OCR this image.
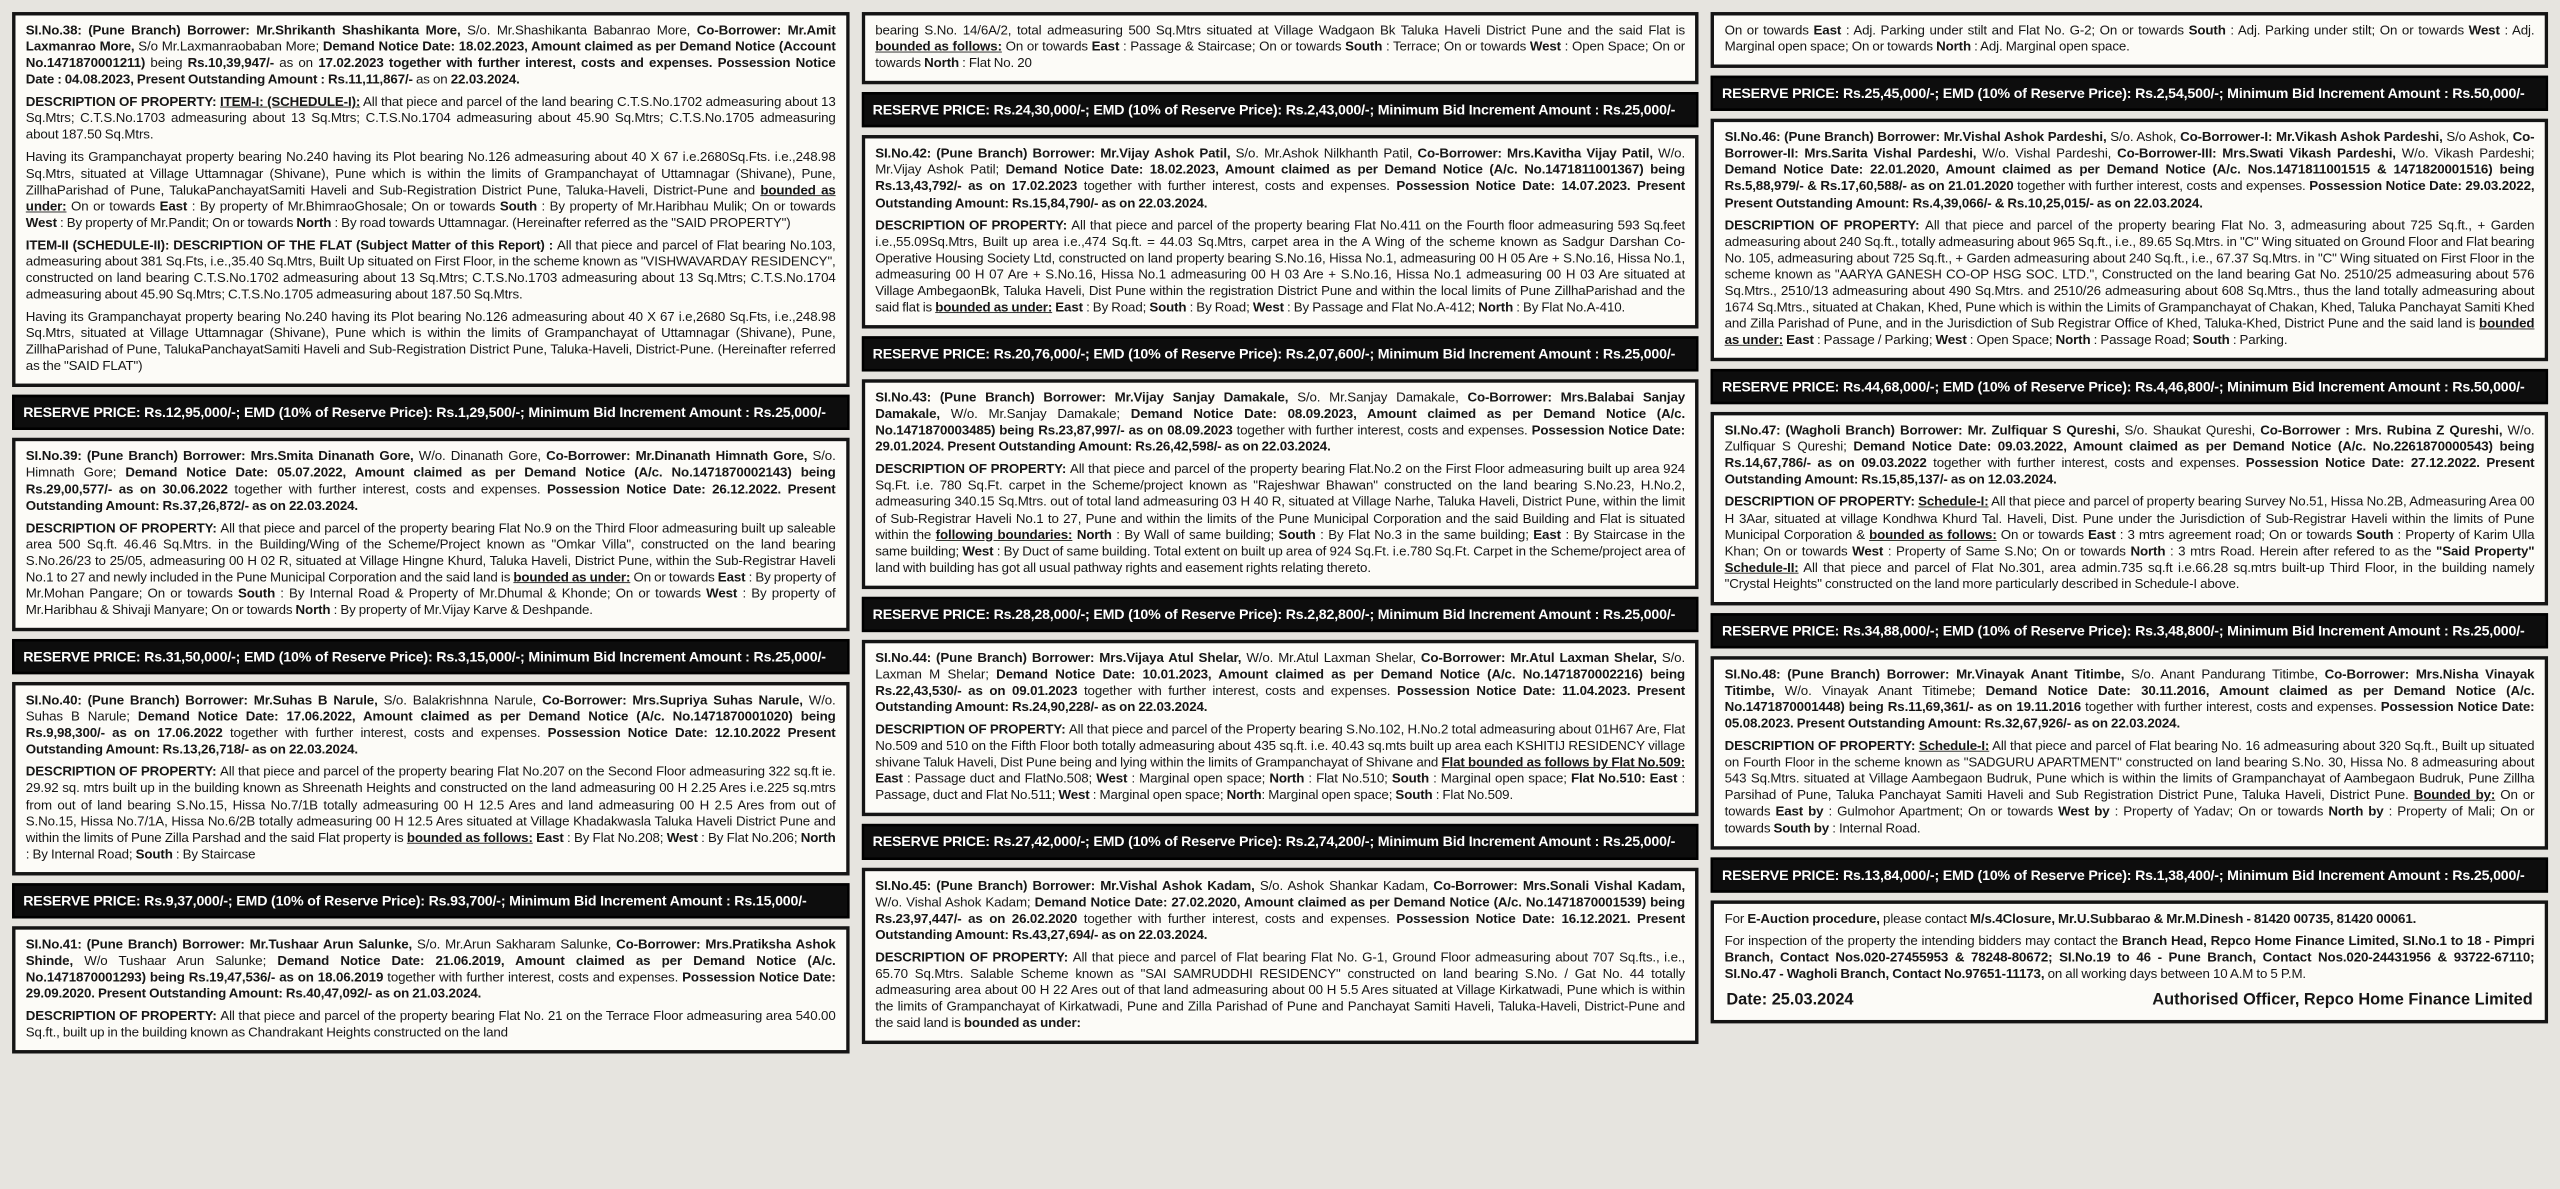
SI.No.38: (Pune Branch) Borrower: Mr.Shrikanth Shashikanta More, S/o. Mr.Shashikanta Babanrao More, Co-Borrower: Mr.Amit Laxmanrao More, S/o Mr.Laxmanraobaban More; Demand Notice Date: 18.02.2023, Amount claimed as per Demand Notice (Account No.1471870001211) being Rs.10,39,947/- as on 17.02.2023 together with further interest, costs and expenses. Possession Notice Date : 04.08.2023, Present Outstanding Amount : Rs.11,11,867/- as on 22.03.2024.

DESCRIPTION OF PROPERTY: ITEM-I: (SCHEDULE-I): All that piece and parcel of the land bearing C.T.S.No.1702 admeasuring about 13 Sq.Mtrs; C.T.S.No.1703 admeasuring about 13 Sq.Mtrs; C.T.S.No.1704 admeasuring about 45.90 Sq.Mtrs; C.T.S.No.1705 admeasuring about 187.50 Sq.Mtrs.

Having its Grampanchayat property bearing No.240 having its Plot bearing No.126 admeasuring about 40 X 67 i.e.2680Sq.Fts. i.e.,248.98 Sq.Mtrs, situated at Village Uttamnagar (Shivane), Pune which is within the limits of Grampanchayat of Uttamnagar (Shivane), Pune, ZillhaParishad of Pune, TalukaPanchayatSamiti Haveli and Sub-Registration District Pune, Taluka-Haveli, District-Pune and bounded as under: On or towards East : By property of Mr.BhimraoGhosale; On or towards South : By property of Mr.Haribhau Mulik; On or towards West : By property of Mr.Pandit; On or towards North : By road towards Uttamnagar. (Hereinafter referred as the "SAID PROPERTY")

ITEM-II (SCHEDULE-II): DESCRIPTION OF THE FLAT (Subject Matter of this Report) : All that piece and parcel of Flat bearing No.103, admeasuring about 381 Sq.Fts, i.e.,35.40 Sq.Mtrs, Built Up situated on First Floor, in the scheme known as "VISHWAVARDAY RESIDENCY", constructed on land bearing C.T.S.No.1702 admeasuring about 13 Sq.Mtrs; C.T.S.No.1703 admeasuring about 13 Sq.Mtrs; C.T.S.No.1704 admeasuring about 45.90 Sq.Mtrs; C.T.S.No.1705 admeasuring about 187.50 Sq.Mtrs.

Having its Grampanchayat property bearing No.240 having its Plot bearing No.126 admeasuring about 40 X 67 i.e,2680 Sq.Fts, i.e.,248.98 Sq.Mtrs, situated at Village Uttamnagar (Shivane), Pune which is within the limits of Grampanchayat of Uttamnagar (Shivane), Pune, ZillhaParishad of Pune, TalukaPanchayatSamiti Haveli and Sub-Registration District Pune, Taluka-Haveli, District-Pune. (Hereinafter referred as the "SAID FLAT")

RESERVE PRICE: Rs.12,95,000/-; EMD (10% of Reserve Price): Rs.1,29,500/-; Minimum Bid Increment Amount : Rs.25,000/-

SI.No.39: (Pune Branch) Borrower: Mrs.Smita Dinanath Gore, W/o. Dinanath Gore, Co-Borrower: Mr.Dinanath Himnath Gore, S/o. Himnath Gore; Demand Notice Date: 05.07.2022, Amount claimed as per Demand Notice (A/c. No.1471870002143) being Rs.29,00,577/- as on 30.06.2022 together with further interest, costs and expenses. Possession Notice Date: 26.12.2022. Present Outstanding Amount: Rs.37,26,872/- as on 22.03.2024.

DESCRIPTION OF PROPERTY: All that piece and parcel of the property bearing Flat No.9 on the Third Floor admeasuring built up saleable area 500 Sq.ft. 46.46 Sq.Mtrs. in the Building/Wing of the Scheme/Project known as "Omkar Villa", constructed on the land bearing S.No.26/23 to 25/05, admeasuring 00 H 02 R, situated at Village Hingne Khurd, Taluka Haveli, District Pune, within the Sub-Registrar Haveli No.1 to 27 and newly included in the Pune Municipal Corporation and the said land is bounded as under: On or towards East : By property of Mr.Mohan Pangare; On or towards South : By Internal Road & Property of Mr.Dhumal & Khonde; On or towards West : By property of Mr.Haribhau & Shivaji Manyare; On or towards North : By property of Mr.Vijay Karve & Deshpande.

RESERVE PRICE: Rs.31,50,000/-; EMD (10% of Reserve Price): Rs.3,15,000/-; Minimum Bid Increment Amount : Rs.25,000/-

SI.No.40: (Pune Branch) Borrower: Mr.Suhas B Narule, S/o. Balakrishnna Narule, Co-Borrower: Mrs.Supriya Suhas Narule, W/o. Suhas B Narule; Demand Notice Date: 17.06.2022, Amount claimed as per Demand Notice (A/c. No.1471870001020) being Rs.9,98,300/- as on 17.06.2022 together with further interest, costs and expenses. Possession Notice Date: 12.10.2022 Present Outstanding Amount: Rs.13,26,718/- as on 22.03.2024.

DESCRIPTION OF PROPERTY: All that piece and parcel of the property bearing Flat No.207 on the Second Floor admeasuring 322 sq.ft ie. 29.92 sq. mtrs built up in the building known as Shreenath Heights and constructed on the land admeasuring 00 H 2.25 Ares i.e.225 sq.mtrs from out of land bearing S.No.15, Hissa No.7/1B totally admeasuring 00 H 12.5 Ares and land admeasuring 00 H 2.5 Ares from out of S.No.15, Hissa No.7/1A, Hissa No.6/2B totally admeasuring 00 H 12.5 Ares situated at Village Khadakwasla Taluka Haveli District Pune and within the limits of Pune Zilla Parshad and the said Flat property is bounded as follows: East : By Flat No.208; West : By Flat No.206; North : By Internal Road; South : By Staircase

RESERVE PRICE: Rs.9,37,000/-; EMD (10% of Reserve Price): Rs.93,700/-; Minimum Bid Increment Amount : Rs.15,000/-

SI.No.41: (Pune Branch) Borrower: Mr.Tushaar Arun Salunke, S/o. Mr.Arun Sakharam Salunke, Co-Borrower: Mrs.Pratiksha Ashok Shinde, W/o Tushaar Arun Salunke; Demand Notice Date: 21.06.2019, Amount claimed as per Demand Notice (A/c. No.1471870001293) being Rs.19,47,536/- as on 18.06.2019 together with further interest, costs and expenses. Possession Notice Date: 29.09.2020. Present Outstanding Amount: Rs.40,47,092/- as on 21.03.2024.

DESCRIPTION OF PROPERTY: All that piece and parcel of the property bearing Flat No. 21 on the Terrace Floor admeasuring area 540.00 Sq.ft., built up in the building known as Chandrakant Heights constructed on the land

bearing S.No. 14/6A/2, total admeasuring 500 Sq.Mtrs situated at Village Wadgaon Bk Taluka Haveli District Pune and the said Flat is bounded as follows: On or towards East : Passage & Staircase; On or towards South : Terrace; On or towards West : Open Space; On or towards North : Flat No. 20

RESERVE PRICE: Rs.24,30,000/-; EMD (10% of Reserve Price): Rs.2,43,000/-; Minimum Bid Increment Amount : Rs.25,000/-

SI.No.42: (Pune Branch) Borrower: Mr.Vijay Ashok Patil, S/o. Mr.Ashok Nilkhanth Patil, Co-Borrower: Mrs.Kavitha Vijay Patil, W/o. Mr.Vijay Ashok Patil; Demand Notice Date: 18.02.2023, Amount claimed as per Demand Notice (A/c. No.1471811001367) being Rs.13,43,792/- as on 17.02.2023 together with further interest, costs and expenses. Possession Notice Date: 14.07.2023. Present Outstanding Amount: Rs.15,84,790/- as on 22.03.2024.

DESCRIPTION OF PROPERTY: All that piece and parcel of the property bearing Flat No.411 on the Fourth floor admeasuring 593 Sq.feet i.e.,55.09Sq.Mtrs, Built up area i.e.,474 Sq.ft. = 44.03 Sq.Mtrs, carpet area in the A Wing of the scheme known as Sadgur Darshan Co-Operative Housing Society Ltd, constructed on land property bearing S.No.16, Hissa No.1, admeasuring 00 H 05 Are + S.No.16, Hissa No.1, admeasuring 00 H 07 Are + S.No.16, Hissa No.1 admeasuring 00 H 03 Are + S.No.16, Hissa No.1 admeasuring 00 H 03 Are situated at Village AmbegaonBk, Taluka Haveli, Dist Pune within the registration District Pune and within the local limits of Pune ZillhaParishad and the said flat is bounded as under: East : By Road; South : By Road; West : By Passage and Flat No.A-412; North : By Flat No.A-410.

RESERVE PRICE: Rs.20,76,000/-; EMD (10% of Reserve Price): Rs.2,07,600/-; Minimum Bid Increment Amount : Rs.25,000/-

SI.No.43: (Pune Branch) Borrower: Mr.Vijay Sanjay Damakale, S/o. Mr.Sanjay Damakale, Co-Borrower: Mrs.Balabai Sanjay Damakale, W/o. Mr.Sanjay Damakale; Demand Notice Date: 08.09.2023, Amount claimed as per Demand Notice (A/c. No.1471870003485) being Rs.23,87,997/- as on 08.09.2023 together with further interest, costs and expenses. Possession Notice Date: 29.01.2024. Present Outstanding Amount: Rs.26,42,598/- as on 22.03.2024.

DESCRIPTION OF PROPERTY: All that piece and parcel of the property bearing Flat.No.2 on the First Floor admeasuring built up area 924 Sq.Ft. i.e. 780 Sq.Ft. carpet in the Scheme/project known as "Rajeshwar Bhawan" constructed on the land bearing S.No.23, H.No.2, admeasuring 340.15 Sq.Mtrs. out of total land admeasuring 03 H 40 R, situated at Village Narhe, Taluka Haveli, District Pune, within the limit of Sub-Registrar Haveli No.1 to 27, Pune and within the limits of the Pune Municipal Corporation and the said Building and Flat is situated within the following boundaries: North : By Wall of same building; South : By Flat No.3 in the same building; East : By Staircase in the same building; West : By Duct of same building. Total extent on built up area of 924 Sq.Ft. i.e.780 Sq.Ft. Carpet in the Scheme/project area of land with building has got all usual pathway rights and easement rights relating thereto.

RESERVE PRICE: Rs.28,28,000/-; EMD (10% of Reserve Price): Rs.2,82,800/-; Minimum Bid Increment Amount : Rs.25,000/-

SI.No.44: (Pune Branch) Borrower: Mrs.Vijaya Atul Shelar, W/o. Mr.Atul Laxman Shelar, Co-Borrower: Mr.Atul Laxman Shelar, S/o. Laxman M Shelar; Demand Notice Date: 10.01.2023, Amount claimed as per Demand Notice (A/c. No.1471870002216) being Rs.22,43,530/- as on 09.01.2023 together with further interest, costs and expenses. Possession Notice Date: 11.04.2023. Present Outstanding Amount: Rs.24,90,228/- as on 22.03.2024.

DESCRIPTION OF PROPERTY: All that piece and parcel of the Property bearing S.No.102, H.No.2 total admeasuring about 01H67 Are, Flat No.509 and 510 on the Fifth Floor both totally admeasuring about 435 sq.ft. i.e. 40.43 sq.mts built up area each KSHITIJ RESIDENCY village shivane Taluk Haveli, Dist Pune being and lying within the limits of Grampanchayat of Shivane and Flat bounded as follows by Flat No.509: East : Passage duct and FlatNo.508; West : Marginal open space; North : Flat No.510; South : Marginal open space; Flat No.510: East : Passage, duct and Flat No.511; West : Marginal open space; North: Marginal open space; South : Flat No.509.

RESERVE PRICE: Rs.27,42,000/-; EMD (10% of Reserve Price): Rs.2,74,200/-; Minimum Bid Increment Amount : Rs.25,000/-

SI.No.45: (Pune Branch) Borrower: Mr.Vishal Ashok Kadam, S/o. Ashok Shankar Kadam, Co-Borrower: Mrs.Sonali Vishal Kadam, W/o. Vishal Ashok Kadam; Demand Notice Date: 27.02.2020, Amount claimed as per Demand Notice (A/c. No.1471870001539) being Rs.23,97,447/- as on 26.02.2020 together with further interest, costs and expenses. Possession Notice Date: 16.12.2021. Present Outstanding Amount: Rs.43,27,694/- as on 22.03.2024.

DESCRIPTION OF PROPERTY: All that piece and parcel of Flat bearing Flat No. G-1, Ground Floor admeasuring about 707 Sq.fts., i.e., 65.70 Sq.Mtrs. Salable Scheme known as "SAI SAMRUDDHI RESIDENCY" constructed on land bearing S.No. / Gat No. 44 totally admeasuring area about 00 H 22 Ares out of that land admeasuring about 00 H 5.5 Ares situated at Village Kirkatwadi, Pune which is within the limits of Grampanchayat of Kirkatwadi, Pune and Zilla Parishad of Pune and Panchayat Samiti Haveli, Taluka-Haveli, District-Pune and the said land is bounded as under:

On or towards East : Adj. Parking under stilt and Flat No. G-2; On or towards South : Adj. Parking under stilt; On or towards West : Adj. Marginal open space; On or towards North : Adj. Marginal open space.

RESERVE PRICE: Rs.25,45,000/-; EMD (10% of Reserve Price): Rs.2,54,500/-; Minimum Bid Increment Amount : Rs.50,000/-

SI.No.46: (Pune Branch) Borrower: Mr.Vishal Ashok Pardeshi, S/o. Ashok, Co-Borrower-I: Mr.Vikash Ashok Pardeshi, S/o Ashok, Co-Borrower-II: Mrs.Sarita Vishal Pardeshi, W/o. Vishal Pardeshi, Co-Borrower-III: Mrs.Swati Vikash Pardeshi, W/o. Vikash Pardeshi; Demand Notice Date: 22.01.2020, Amount claimed as per Demand Notice (A/c. Nos.1471811001515 & 1471820001516) being Rs.5,88,979/- & Rs.17,60,588/- as on 21.01.2020 together with further interest, costs and expenses. Possession Notice Date: 29.03.2022, Present Outstanding Amount: Rs.4,39,066/- & Rs.10,25,015/- as on 22.03.2024.

DESCRIPTION OF PROPERTY: All that piece and parcel of the property bearing Flat No. 3, admeasuring about 725 Sq.ft., + Garden admeasuring about 240 Sq.ft., totally admeasuring about 965 Sq.ft., i.e., 89.65 Sq.Mtrs. in "C" Wing situated on Ground Floor and Flat bearing No. 105, admeasuring about 725 Sq.ft., + Garden admeasuring about 240 Sq.ft., i.e., 67.37 Sq.Mtrs. in "C" Wing situated on First Floor in the scheme known as "AARYA GANESH CO-OP HSG SOC. LTD.", Constructed on the land bearing Gat No. 2510/25 admeasuring about 576 Sq.Mtrs., 2510/13 admeasuring about 490 Sq.Mtrs. and 2510/26 admeasuring about 608 Sq.Mtrs., thus the land totally admeasuring about 1674 Sq.Mtrs., situated at Chakan, Khed, Pune which is within the Limits of Grampanchayat of Chakan, Khed, Taluka Panchayat Samiti Khed and Zilla Parishad of Pune, and in the Jurisdiction of Sub Registrar Office of Khed, Taluka-Khed, District Pune and the said land is bounded as under: East : Passage / Parking; West : Open Space; North : Passage Road; South : Parking.

RESERVE PRICE: Rs.44,68,000/-; EMD (10% of Reserve Price): Rs.4,46,800/-; Minimum Bid Increment Amount : Rs.50,000/-

SI.No.47: (Wagholi Branch) Borrower: Mr. Zulfiquar S Qureshi, S/o. Shaukat Qureshi, Co-Borrower : Mrs. Rubina Z Qureshi, W/o. Zulfiquar S Qureshi; Demand Notice Date: 09.03.2022, Amount claimed as per Demand Notice (A/c. No.2261870000543) being Rs.14,67,786/- as on 09.03.2022 together with further interest, costs and expenses. Possession Notice Date: 27.12.2022. Present Outstanding Amount: Rs.15,85,137/- as on 12.03.2024.

DESCRIPTION OF PROPERTY: Schedule-I: All that piece and parcel of property bearing Survey No.51, Hissa No.2B, Admeasuring Area 00 H 3Aar, situated at village Kondhwa Khurd Tal. Haveli, Dist. Pune under the Jurisdiction of Sub-Registrar Haveli within the limits of Pune Municipal Corporation & bounded as follows: On or towards East : 3 mtrs agreement road; On or towards South : Property of Karim Ulla Khan; On or towards West : Property of Same S.No; On or towards North : 3 mtrs Road. Herein after refered to as the "Said Property" Schedule-II: All that piece and parcel of Flat No.301, area admin.735 sq.ft i.e.66.28 sq.mtrs built-up Third Floor, in the building namely "Crystal Heights" constructed on the land more particularly described in Schedule-I above.

RESERVE PRICE: Rs.34,88,000/-; EMD (10% of Reserve Price): Rs.3,48,800/-; Minimum Bid Increment Amount : Rs.25,000/-

SI.No.48: (Pune Branch) Borrower: Mr.Vinayak Anant Titimbe, S/o. Anant Pandurang Titimbe, Co-Borrower: Mrs.Nisha Vinayak Titimbe, W/o. Vinayak Anant Titimebe; Demand Notice Date: 30.11.2016, Amount claimed as per Demand Notice (A/c. No.1471870001448) being Rs.11,69,361/- as on 19.11.2016 together with further interest, costs and expenses. Possession Notice Date: 05.08.2023. Present Outstanding Amount: Rs.32,67,926/- as on 22.03.2024.

DESCRIPTION OF PROPERTY: Schedule-I: All that piece and parcel of Flat bearing No. 16 admeasuring about 320 Sq.ft., Built up situated on Fourth Floor in the scheme known as "SADGURU APARTMENT" constructed on land bearing S.No. 30, Hissa No. 8 admeasuring about 543 Sq.Mtrs. situated at Village Aambegaon Budruk, Pune which is within the limits of Grampanchayat of Aambegaon Budruk, Pune Zillha Parsihad of Pune, Taluka Panchayat Samiti Haveli and Sub Registration District Pune, Taluka Haveli, District Pune. Bounded by: On or towards East by : Gulmohor Apartment; On or towards West by : Property of Yadav; On or towards North by : Property of Mali; On or towards South by : Internal Road.

RESERVE PRICE: Rs.13,84,000/-; EMD (10% of Reserve Price): Rs.1,38,400/-; Minimum Bid Increment Amount : Rs.25,000/-

For E-Auction procedure, please contact M/s.4Closure, Mr.U.Subbarao & Mr.M.Dinesh - 81420 00735, 81420 00061.

For inspection of the property the intending bidders may contact the Branch Head, Repco Home Finance Limited, SI.No.1 to 18 - Pimpri Branch, Contact Nos.020-27455953 & 78248-80672; SI.No.19 to 46 - Pune Branch, Contact Nos.020-24431956 & 93722-67110; SI.No.47 - Wagholi Branch, Contact No.97651-11173, on all working days between 10 A.M to 5 P.M.

Date: 25.03.2024	Authorised Officer, Repco Home Finance Limited
